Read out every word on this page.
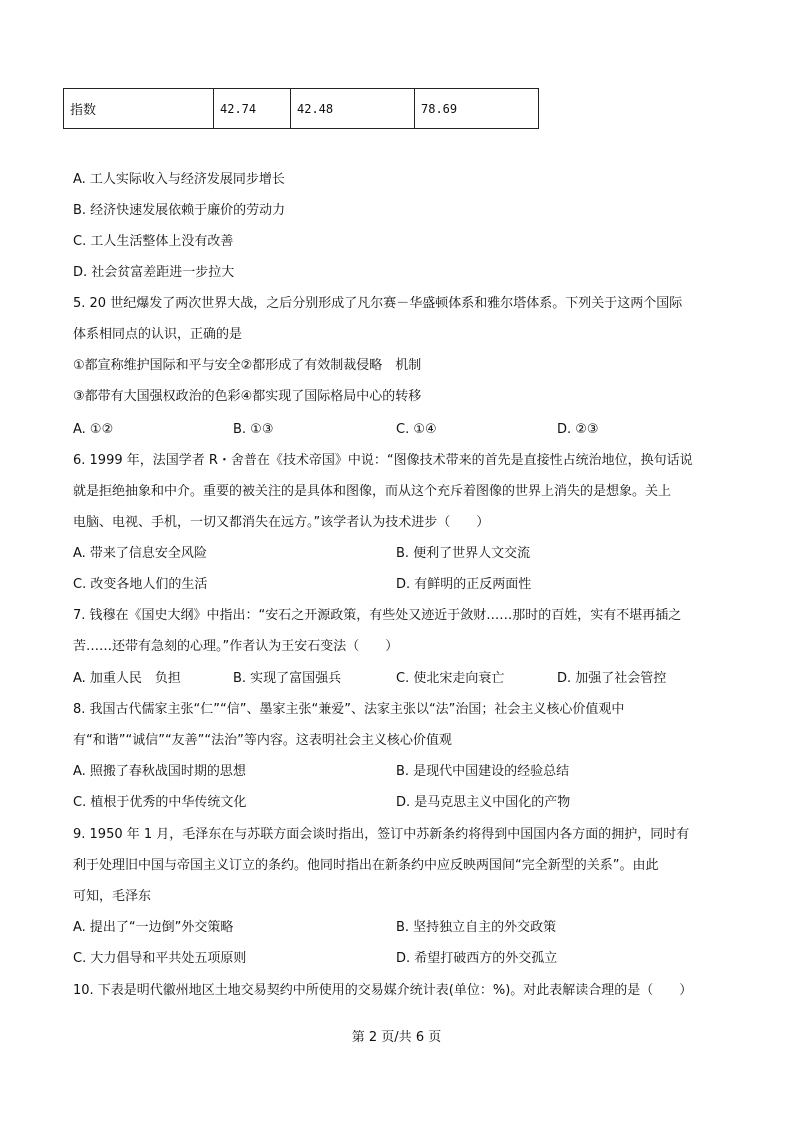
指数	42.74	42.48	78.69
A. 工人实际收入与经济发展同步增长
B. 经济快速发展依赖于廉价的劳动力
C. 工人生活整体上没有改善
D. 社会贫富差距进一步拉大
5. 20 世纪爆发了两次世界大战，之后分别形成了凡尔赛－华盛顿体系和雅尔塔体系。下列关于这两个国际
体系相同点的认识，正确的是
①都宣称维护国际和平与安全②都形成了有效制裁侵略　机制
③都带有大国强权政治的色彩④都实现了国际格局中心的转移
A. ①②	B. ①③	C. ①④	D. ②③
6. 1999 年，法国学者 R・舍普在《技术帝国》中说：“图像技术带来的首先是直接性占统治地位，换句话说
就是拒绝抽象和中介。重要的被关注的是具体和图像，而从这个充斥着图像的世界上消失的是想象。关上
电脑、电视、手机，一切又都消失在远方。”该学者认为技术进步（　　）
A. 带来了信息安全风险	B. 便利了世界人文交流
C. 改变各地人们的生活	D. 有鲜明的正反两面性
7. 钱穆在《国史大纲》中指出：“安石之开源政策，有些处又迹近于敛财……那时的百姓，实有不堪再插之
苦……还带有急刻的心理。”作者认为王安石变法（　　）
A. 加重人民　负担	B. 实现了富国强兵	C. 使北宋走向衰亡	D. 加强了社会管控
8. 我国古代儒家主张“仁”“信”、墨家主张“兼爱”、法家主张以“法”治国；社会主义核心价值观中
有“和谐”“诚信”“友善”“法治”等内容。这表明社会主义核心价值观
A. 照搬了春秋战国时期的思想	B. 是现代中国建设的经验总结
C. 植根于优秀的中华传统文化	D. 是马克思主义中国化的产物
9. 1950 年 1 月，毛泽东在与苏联方面会谈时指出，签订中苏新条约将得到中国国内各方面的拥护，同时有
利于处理旧中国与帝国主义订立的条约。他同时指出在新条约中应反映两国间“完全新型的关系”。由此
可知，毛泽东
A. 提出了“一边倒”外交策略	B. 坚持独立自主的外交政策
C. 大力倡导和平共处五项原则	D. 希望打破西方的外交孤立
10. 下表是明代徽州地区土地交易契约中所使用的交易媒介统计表(单位：%)。对此表解读合理的是（　　）
第 2 页/共 6 页
